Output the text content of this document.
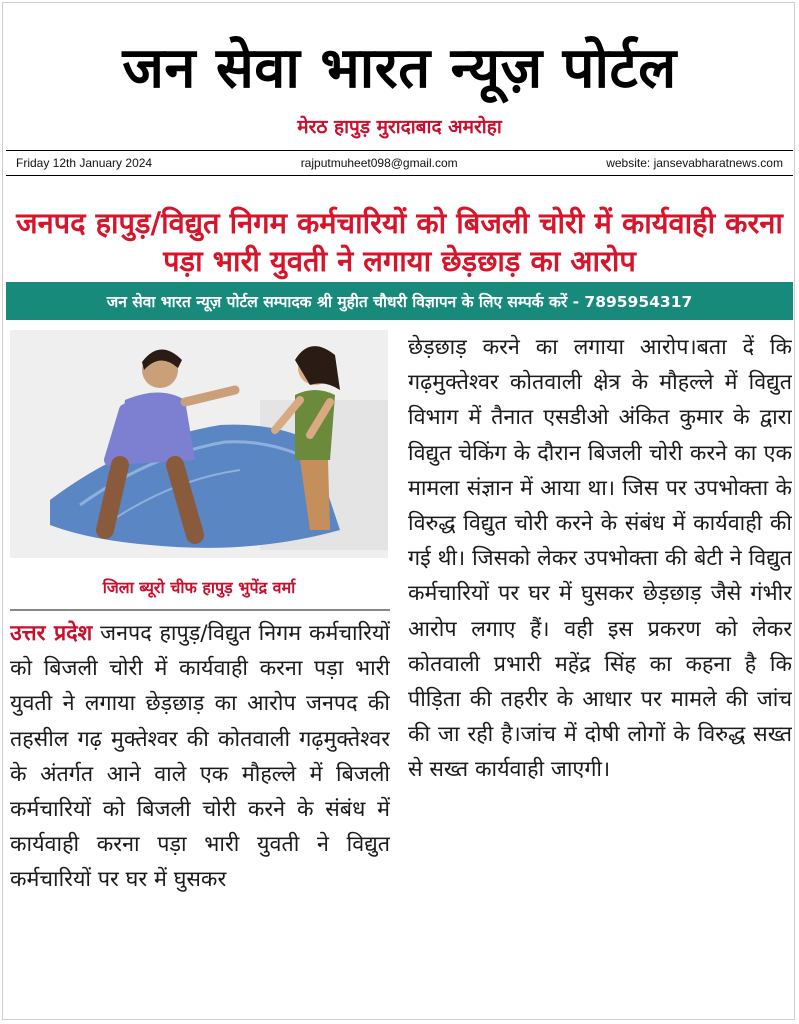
जन सेवा भारत न्यूज़ पोर्टल
मेरठ हापुड़ मुरादाबाद अमरोहा
Friday 12th January 2024	rajputmuheet098@gmail.com	website: jansevabharatnews.com
जनपद हापुड़/विद्युत निगम कर्मचारियों को बिजली चोरी में कार्यवाही करना पड़ा भारी युवती ने लगाया छेड़छाड़ का आरोप
जन सेवा भारत न्यूज़ पोर्टल सम्पादक श्री मुहीत चौधरी विज्ञापन के लिए सम्पर्क करें - 7895954317
जिला ब्यूरो चीफ हापुड़ भुपेंद्र वर्मा
उत्तर प्रदेश जनपद हापुड़/विद्युत निगम कर्मचारियों को बिजली चोरी में कार्यवाही करना पड़ा भारी युवती ने लगाया छेड़छाड़ का आरोप जनपद की तहसील गढ़ मुक्तेश्वर की कोतवाली गढ़मुक्तेश्वर के अंतर्गत आने वाले एक मौहल्ले में बिजली कर्मचारियों को बिजली चोरी करने के संबंध में कार्यवाही करना पड़ा भारी युवती ने विद्युत कर्मचारियों पर घर में घुसकर
छेड़छाड़ करने का लगाया आरोप।बता दें कि गढ़मुक्तेश्वर कोतवाली क्षेत्र के मौहल्ले में विद्युत विभाग में तैनात एसडीओ अंकित कुमार के द्वारा विद्युत चेकिंग के दौरान बिजली चोरी करने का एक मामला संज्ञान में आया था। जिस पर उपभोक्ता के विरुद्ध विद्युत चोरी करने के संबंध में कार्यवाही की गई थी। जिसको लेकर उपभोक्ता की बेटी ने विद्युत कर्मचारियों पर घर में घुसकर छेड़छाड़ जैसे गंभीर आरोप लगाए हैं। वही इस प्रकरण को लेकर कोतवाली प्रभारी महेंद्र सिंह का कहना है कि पीड़िता की तहरीर के आधार पर मामले की जांच की जा रही है।जांच में दोषी लोगों के विरुद्ध सख्त से सख्त कार्यवाही जाएगी।
